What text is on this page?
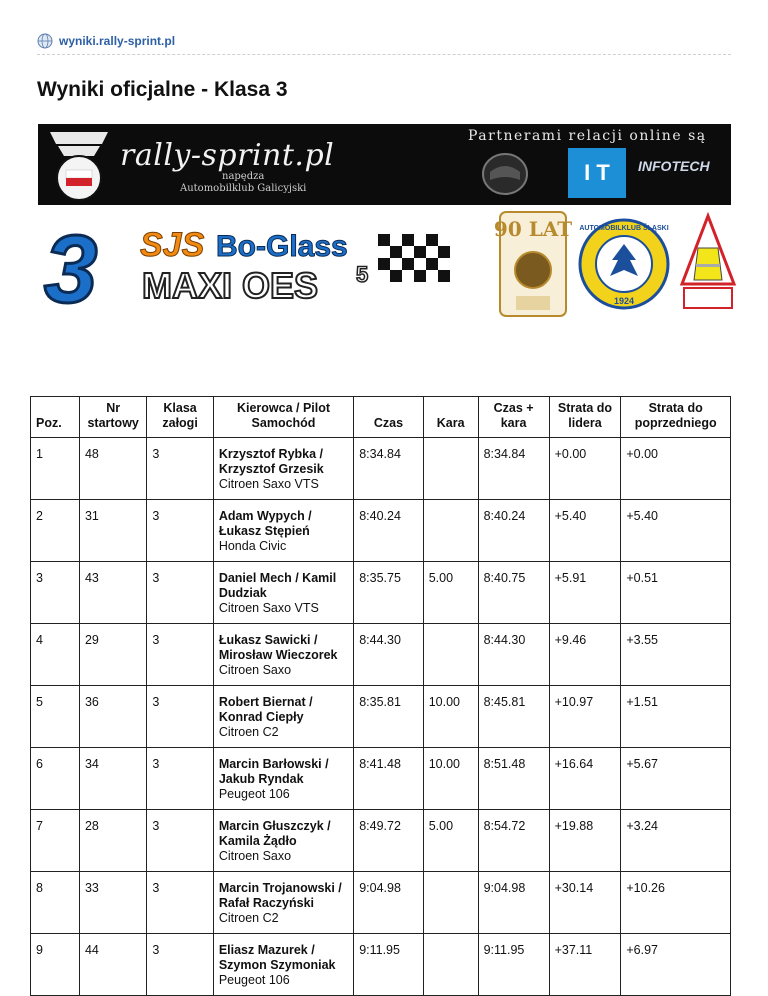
wyniki.rally-sprint.pl
Wyniki oficjalne - Klasa 3
rally-sprint.pl
napędza
Automobilklub Galicyjski
Partnerami relacji online są
I T	INFOTECH
3 SJS Bo-Glass
MAXI OES 5
90 LAT AUTOMOBILKLUB ŚLĄSKI
1924
Poz.	Nr startowy	Klasa załogi	Kierowca / Pilot Samochód	Czas	Kara	Czas + kara	Strata do lidera	Strata do poprzedniego
1	48	3	Krzysztof Rybka / Krzysztof Grzesik
Citroen Saxo VTS	8:34.84		8:34.84	+0.00	+0.00
2	31	3	Adam Wypych / Łukasz Stępień
Honda Civic	8:40.24		8:40.24	+5.40	+5.40
3	43	3	Daniel Mech / Kamil Dudziak
Citroen Saxo VTS	8:35.75	5.00	8:40.75	+5.91	+0.51
4	29	3	Łukasz Sawicki / Mirosław Wieczorek
Citroen Saxo	8:44.30		8:44.30	+9.46	+3.55
5	36	3	Robert Biernat / Konrad Ciepły
Citroen C2	8:35.81	10.00	8:45.81	+10.97	+1.51
6	34	3	Marcin Barłowski / Jakub Ryndak
Peugeot 106	8:41.48	10.00	8:51.48	+16.64	+5.67
7	28	3	Marcin Głuszczyk / Kamila Żądło
Citroen Saxo	8:49.72	5.00	8:54.72	+19.88	+3.24
8	33	3	Marcin Trojanowski / Rafał Raczyński
Citroen C2	9:04.98		9:04.98	+30.14	+10.26
9	44	3	Eliasz Mazurek / Szymon Szymoniak
Peugeot 106	9:11.95		9:11.95	+37.11	+6.97
